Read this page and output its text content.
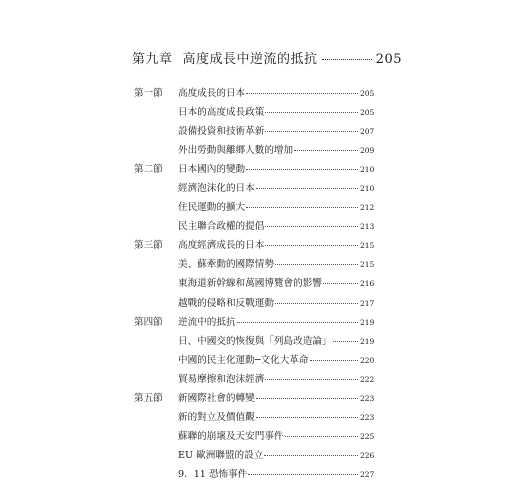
第九章 高度成長中逆流的抵抗	205
第一節	高度成長的日本	205
日本的高度成長政策	205
設備投資和技術革新	207
外出勞動與離鄉人數的增加	209
第二節	日本國內的變動	210
經濟泡沫化的日本	210
住民運動的擴大	212
民主聯合政權的提倡	213
第三節	高度經濟成長的日本	215
美、蘇牽動的國際情勢	215
東海道新幹線和萬國博覽會的影響	216
越戰的侵略和反戰運動	217
第四節	逆流中的抵抗	219
日、中國交的恢復與「列島改造論」	219
中國的民主化運動─文化大革命	220
貿易摩擦和泡沫經濟	222
第五節	新國際社會的轉變	223
新的對立及價值觀	223
蘇聯的崩壞及天安門事件	225
EU 歐洲聯盟的設立	226
9．11 恐怖事件	227
